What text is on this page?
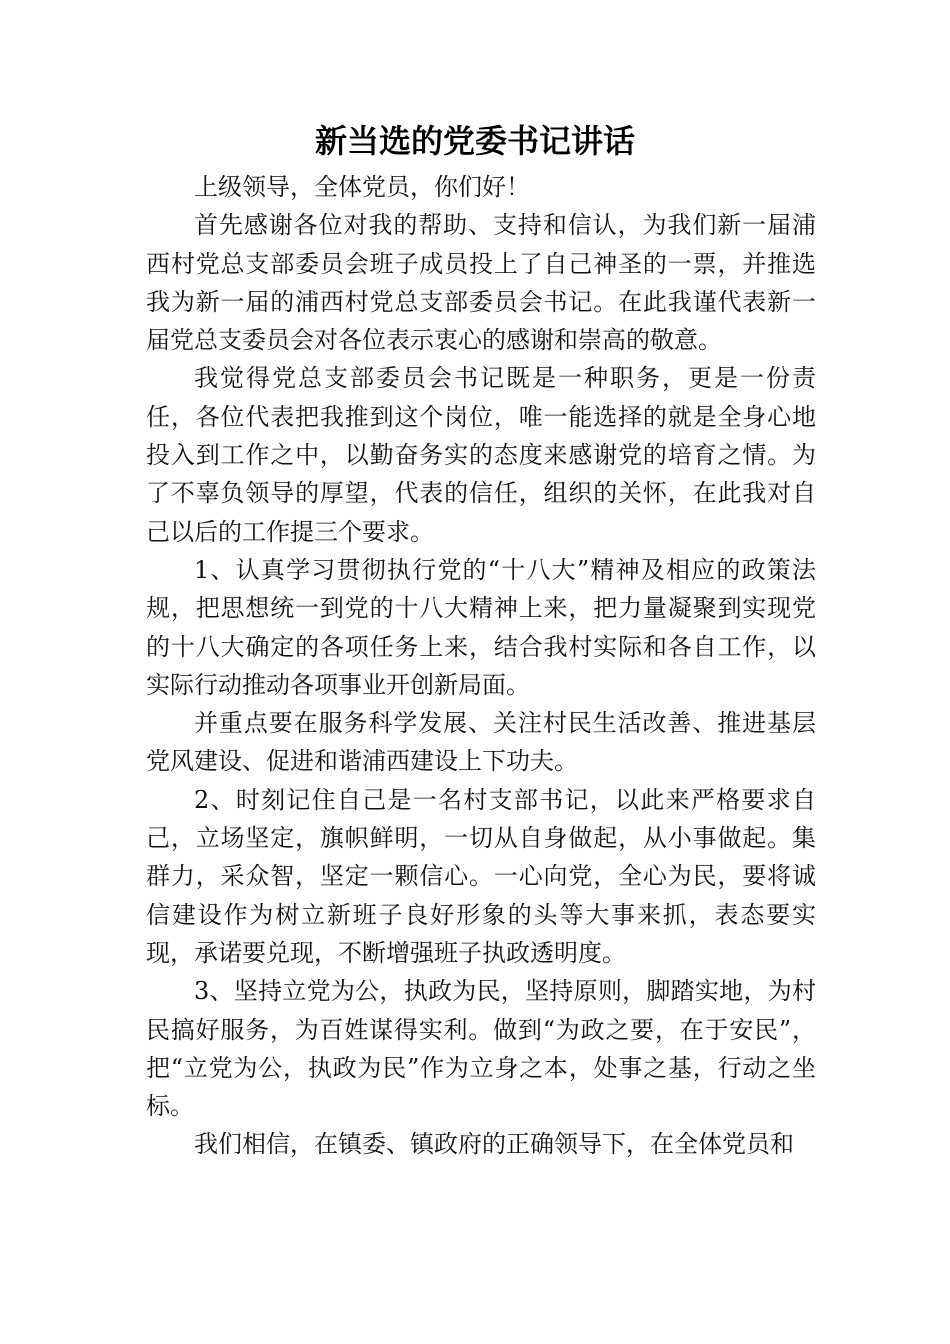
新当选的党委书记讲话

上级领导，全体党员，你们好！

首先感谢各位对我的帮助、支持和信认，为我们新一届浦西村党总支部委员会班子成员投上了自己神圣的一票，并推选我为新一届的浦西村党总支部委员会书记。在此我谨代表新一届党总支委员会对各位表示衷心的感谢和崇高的敬意。

我觉得党总支部委员会书记既是一种职务，更是一份责任，各位代表把我推到这个岗位，唯一能选择的就是全身心地投入到工作之中，以勤奋务实的态度来感谢党的培育之情。为了不辜负领导的厚望，代表的信任，组织的关怀，在此我对自己以后的工作提三个要求。

1、认真学习贯彻执行党的“十八大”精神及相应的政策法规，把思想统一到党的十八大精神上来，把力量凝聚到实现党的十八大确定的各项任务上来，结合我村实际和各自工作，以实际行动推动各项事业开创新局面。

并重点要在服务科学发展、关注村民生活改善、推进基层党风建设、促进和谐浦西建设上下功夫。

2、时刻记住自己是一名村支部书记，以此来严格要求自己，立场坚定，旗帜鲜明，一切从自身做起，从小事做起。集群力，采众智，坚定一颗信心。一心向党，全心为民，要将诚信建设作为树立新班子良好形象的头等大事来抓，表态要实现，承诺要兑现，不断增强班子执政透明度。

3、坚持立党为公，执政为民，坚持原则，脚踏实地，为村民搞好服务，为百姓谋得实利。做到“为政之要，在于安民”，把“立党为公，执政为民”作为立身之本，处事之基，行动之坐标。

我们相信，在镇委、镇政府的正确领导下，在全体党员和
